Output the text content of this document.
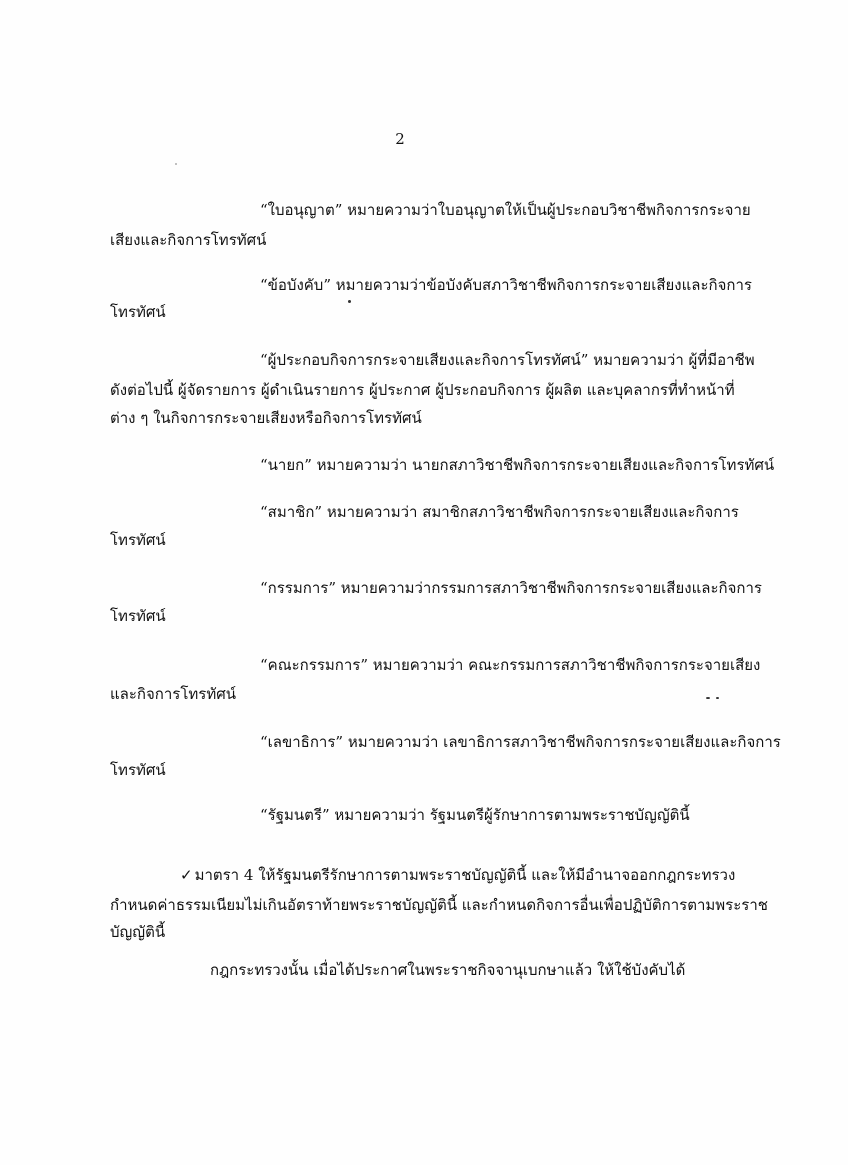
2
“ใบอนุญาต” หมายความว่าใบอนุญาตให้เป็นผู้ประกอบวิชาชีพกิจการกระจาย
เสียงและกิจการโทรทัศน์
“ข้อบังคับ” หมายความว่าข้อบังคับสภาวิชาชีพกิจการกระจายเสียงและกิจการ
โทรทัศน์
“ผู้ประกอบกิจการกระจายเสียงและกิจการโทรทัศน์” หมายความว่า ผู้ที่มีอาชีพ
ดังต่อไปนี้ ผู้จัดรายการ ผู้ดำเนินรายการ ผู้ประกาศ ผู้ประกอบกิจการ ผู้ผลิต และบุคลากรที่ทำหน้าที่
ต่าง ๆ ในกิจการกระจายเสียงหรือกิจการโทรทัศน์
“นายก” หมายความว่า นายกสภาวิชาชีพกิจการกระจายเสียงและกิจการโทรทัศน์
“สมาชิก” หมายความว่า สมาชิกสภาวิชาชีพกิจการกระจายเสียงและกิจการ
โทรทัศน์
“กรรมการ” หมายความว่ากรรมการสภาวิชาชีพกิจการกระจายเสียงและกิจการ
โทรทัศน์
“คณะกรรมการ” หมายความว่า คณะกรรมการสภาวิชาชีพกิจการกระจายเสียง
และกิจการโทรทัศน์
“เลขาธิการ” หมายความว่า เลขาธิการสภาวิชาชีพกิจการกระจายเสียงและกิจการ
โทรทัศน์
“รัฐมนตรี” หมายความว่า รัฐมนตรีผู้รักษาการตามพระราชบัญญัตินี้
✓ มาตรา 4 ให้รัฐมนตรีรักษาการตามพระราชบัญญัตินี้ และให้มีอำนาจออกกฎกระทรวง
กำหนดค่าธรรมเนียมไม่เกินอัตราท้ายพระราชบัญญัตินี้ และกำหนดกิจการอื่นเพื่อปฏิบัติการตามพระราช
บัญญัตินี้
กฎกระทรวงนั้น เมื่อได้ประกาศในพระราชกิจจานุเบกษาแล้ว ให้ใช้บังคับได้
